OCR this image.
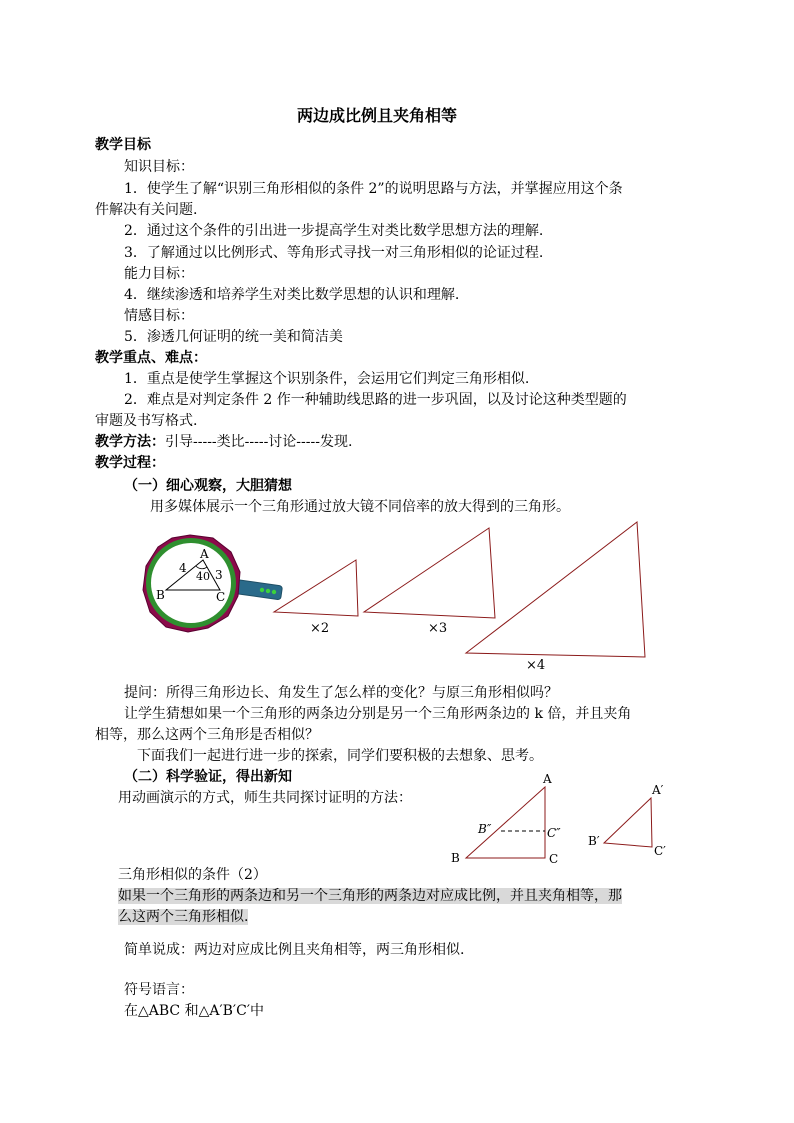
两边成比例且夹角相等
教学目标
知识目标：
1．使学生了解“识别三角形相似的条件 2”的说明思路与方法，并掌握应用这个条
件解决有关问题.
2．通过这个条件的引出进一步提高学生对类比数学思想方法的理解.
3．了解通过以比例形式、等角形式寻找一对三角形相似的论证过程.
能力目标：
4．继续渗透和培养学生对类比数学思想的认识和理解.
情感目标：
5．渗透几何证明的统一美和简洁美
教学重点、难点：
1．重点是使学生掌握这个识别条件，会运用它们判定三角形相似.
2．难点是对判定条件 2 作一种辅助线思路的进一步巩固，以及讨论这种类型题的
审题及书写格式.
教学方法：引导-----类比-----讨论-----发现.
教学过程：
（一）细心观察，大胆猜想
用多媒体展示一个三角形通过放大镜不同倍率的放大得到的三角形。
A
B	C
4 3
40
×2	×3
×4
提问：所得三角形边长、角发生了怎么样的变化？与原三角形相似吗？
让学生猜想如果一个三角形的两条边分别是另一个三角形两条边的 k 倍，并且夹角
相等，那么这两个三角形是否相似？
下面我们一起进行进一步的探索，同学们要积极的去想象、思考。
（二）科学验证，得出新知
用动画演示的方式，师生共同探讨证明的方法：
A
B	C
B″	C″
A′
B′
C′
三角形相似的条件（2）
如果一个三角形的两条边和另一个三角形的两条边对应成比例，并且夹角相等，那
么这两个三角形相似.
简单说成：两边对应成比例且夹角相等，两三角形相似.
符号语言：
在△ABC 和△A′B′C′中
